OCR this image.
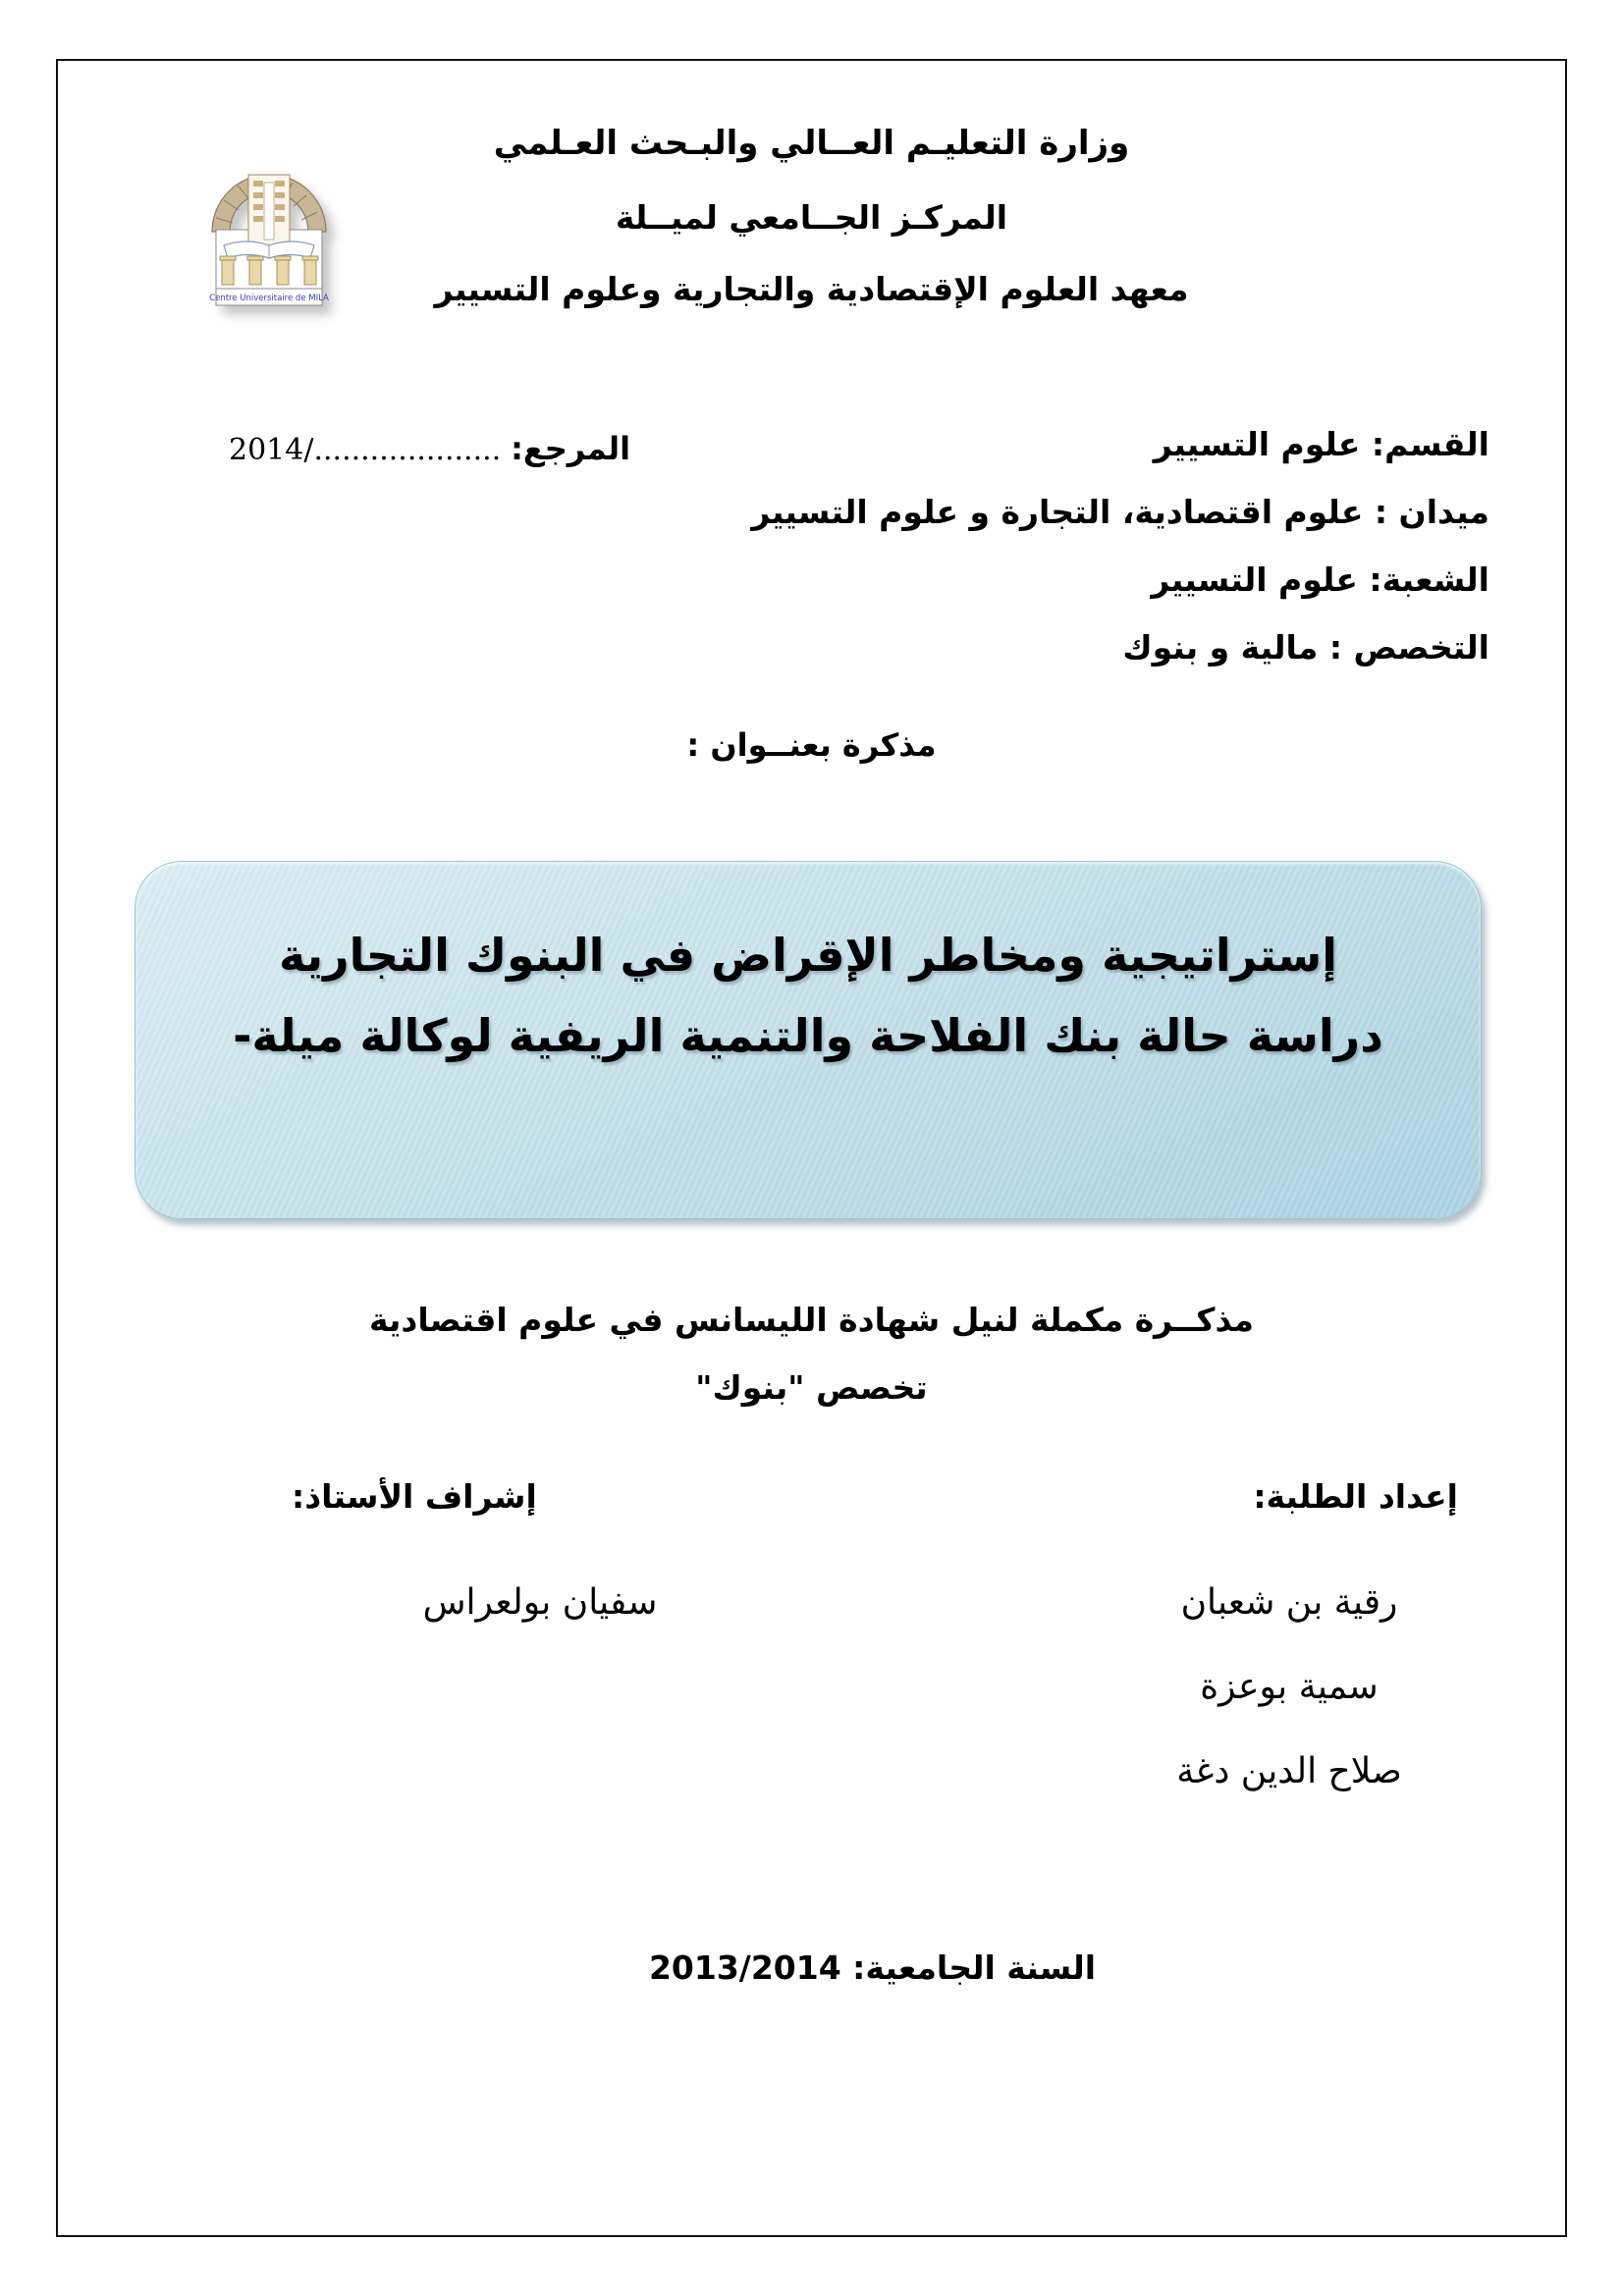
Centre Universitaire de MILA
وزارة التعليـم العــالي والبـحث العـلمي
المركـز الجــامعي لميــلة
معهد العلوم الإقتصادية والتجارية وعلوم التسيير
القسم: علوم التسيير
ميدان : علوم اقتصادية، التجارة و علوم التسيير
الشعبة: علوم التسيير
التخصص : مالية و بنوك
المرجع: ..................../2014
مذكرة بعنــوان :
إستراتيجية ومخاطر الإقراض في البنوك التجارية
دراسة حالة بنك الفلاحة والتنمية الريفية لوكالة ميلة-
مذكــرة مكملة لنيل شهادة الليسانس في علوم اقتصادية
تخصص "بنوك"
إعداد الطلبة:
إشراف الأستاذ:
رقية بن شعبان
سمية بوعزة
صلاح الدين دغة
سفيان بولعراس
السنة الجامعية: 2013/2014
